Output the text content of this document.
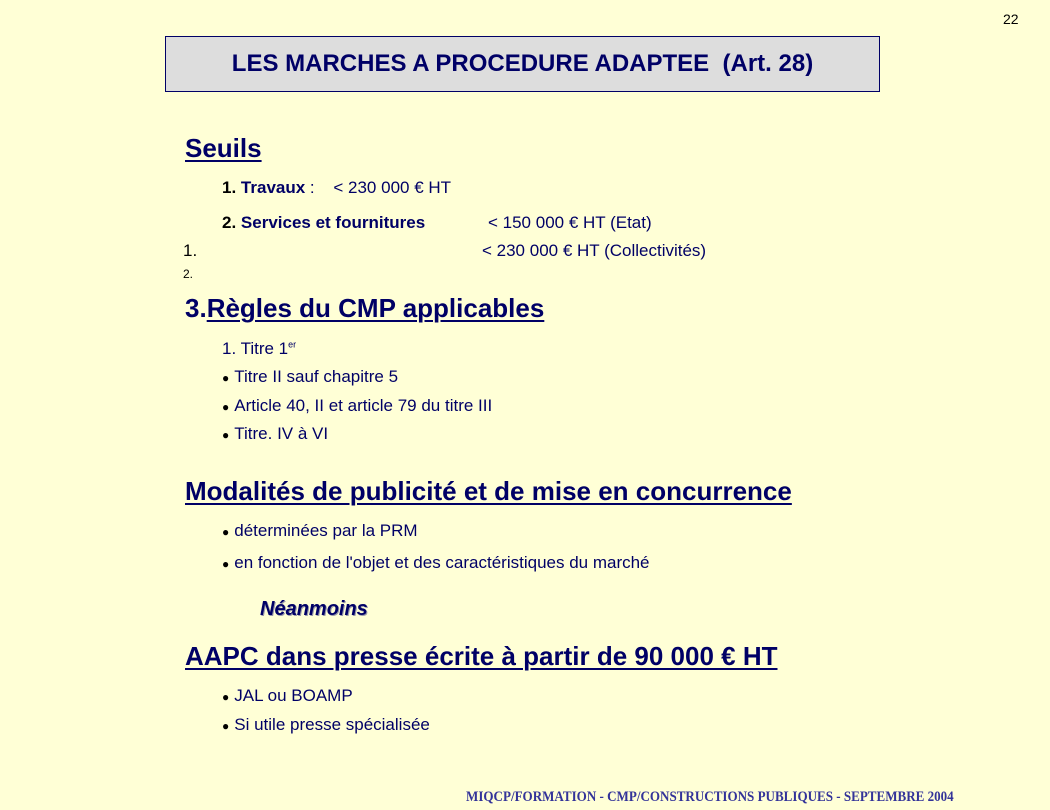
22
LES MARCHES A PROCEDURE ADAPTEE  (Art. 28)
Seuils
1. Travaux : < 230 000 € HT
2. Services et fournitures	< 150 000 € HT (Etat)
1.	< 230 000 € HT (Collectivités)
2.
3.Règles du CMP applicables
1. Titre 1er
● Titre II sauf chapitre 5
● Article 40, II et article 79 du titre III
● Titre. IV à VI
Modalités de publicité et de mise en concurrence
● déterminées par la PRM
● en fonction de l'objet et des caractéristiques du marché
Néanmoins
AAPC dans presse écrite à partir de 90 000 € HT
● JAL ou BOAMP
● Si utile presse spécialisée
MIQCP/FORMATION - CMP/CONSTRUCTIONS PUBLIQUES - SEPTEMBRE 2004
